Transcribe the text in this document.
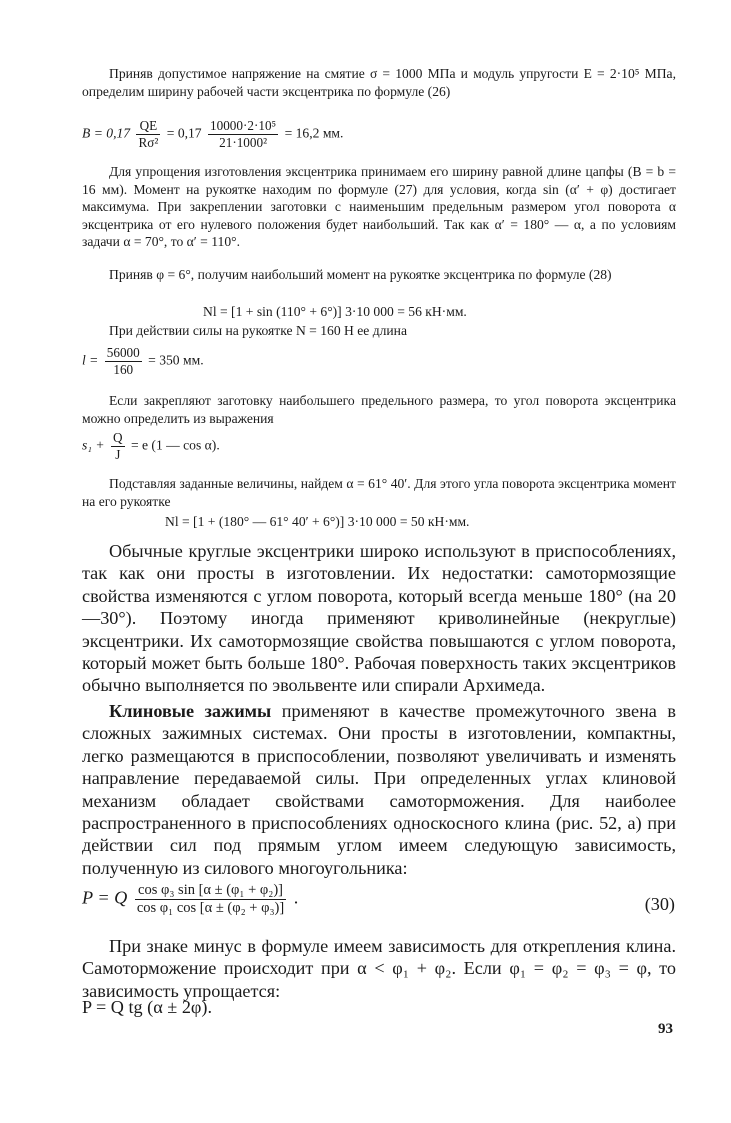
Приняв допустимое напряжение на смятие σ = 1000 МПа и модуль упругости E = 2·10⁵ МПа, определим ширину рабочей части эксцентрика по формуле (26)

$B = 0,17 \frac{QE}{\text{Rσ²}} = 0,17 \frac{\text{10000·2·10⁵}}{\text{21·1000²}} = 16,2$ мм.

Для упрощения изготовления эксцентрика принимаем его ширину равной длине цапфы (B = b = 16 мм). Момент на рукоятке находим по формуле (27) для условия, когда sin (α′ + φ) достигает максимума. При закреплении заготовки с наименьшим предельным размером угол поворота α эксцентрика от его нулевого положения будет наибольший. Так как α′ = 180° — α, а по условиям задачи α = 70°, то α′ = 110°.

Приняв φ = 6°, получим наибольший момент на рукоятке эксцентрика по формуле (28)

Nl = [1 + sin (110° + 6°)] 3·10 000 = 56 кН·мм.

При действии силы на рукоятке N = 160 Н ее длина

$l = \frac{56000}{160} = 350$ мм.

Если закрепляют заготовку наибольшего предельного размера, то угол поворота эксцентрика можно определить из выражения

$s_1 + \frac{Q}{J} = e$ (1 — cos α).

Подставляя заданные величины, найдем α = 61° 40′. Для этого угла поворота эксцентрика момент на его рукоятке

Nl = [1 + (180° — 61° 40′ + 6°)] 3·10 000 = 50 кН·мм.

Обычные круглые эксцентрики широко используют в приспособлениях, так как они просты в изготовлении. Их недостатки: самотормозящие свойства изменяются с углом поворота, который всегда меньше 180° (на 20—30°). Поэтому иногда применяют криволинейные (некруглые) эксцентрики. Их самотормозящие свойства повышаются с углом поворота, который может быть больше 180°. Рабочая поверхность таких эксцентриков обычно выполняется по эвольвенте или спирали Архимеда.

Клиновые зажимы применяют в качестве промежуточного звена в сложных зажимных системах. Они просты в изготовлении, компактны, легко размещаются в приспособлении, позволяют увеличивать и изменять направление передаваемой силы. При определенных углах клиновой механизм обладает свойствами самоторможения. Для наиболее распространенного в приспособлениях односкосного клина (рис. 52, а) при действии сил под прямым углом имеем следующую зависимость, полученную из силового многоугольника:

P = Q $\frac{\text{cos φ₃ sin [α ± (φ₁ + φ₂)]}}{\text{cos φ₁ cos [α ± (φ₂ + φ₃)]}}$ .	(30)

При знаке минус в формуле имеем зависимость для открепления клина. Самоторможение происходит при α < φ₁ + φ₂. Если φ₁ = φ₂ = φ₃ = φ, то зависимость упрощается:

P = Q tg (α ± 2φ).
93
